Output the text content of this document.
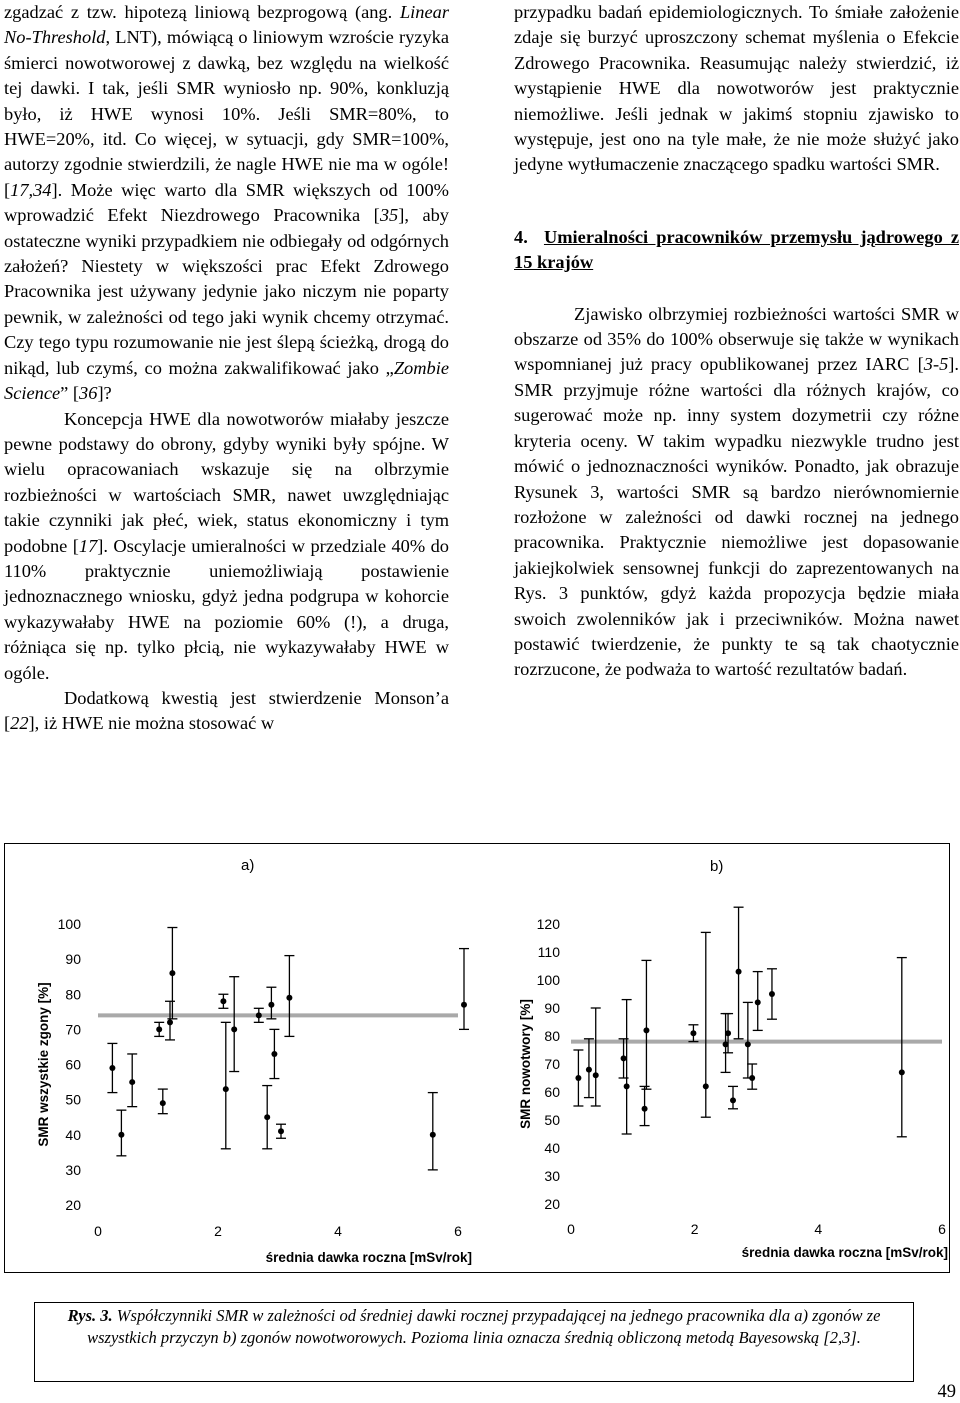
zgadzać z tzw. hipotezą liniową bezprogową (ang. Linear No-Threshold, LNT), mówiącą o liniowym wzroście ryzyka śmierci nowotworowej z dawką, bez względu na wielkość tej dawki. I tak, jeśli SMR wyniosło np. 90%, konkluzją było, iż HWE wynosi 10%. Jeśli SMR=80%, to HWE=20%, itd. Co więcej, w sytuacji, gdy SMR=100%, autorzy zgodnie stwierdzili, że nagle HWE nie ma w ogóle! [17,34]. Może więc warto dla SMR większych od 100% wprowadzić Efekt Niezdrowego Pracownika [35], aby ostateczne wyniki przypadkiem nie odbiegały od odgórnych założeń? Niestety w większości prac Efekt Zdrowego Pracownika jest używany jedynie jako niczym nie poparty pewnik, w zależności od tego jaki wynik chcemy otrzymać. Czy tego typu rozumowanie nie jest ślepą ścieżką, drogą do nikąd, lub czymś, co można zakwalifikować jako „Zombie Science” [36]?

Koncepcja HWE dla nowotworów miałaby jeszcze pewne podstawy do obrony, gdyby wyniki były spójne. W wielu opracowaniach wskazuje się na olbrzymie rozbieżności w wartościach SMR, nawet uwzględniając takie czynniki jak płeć, wiek, status ekonomiczny i tym podobne [17]. Oscylacje umieralności w przedziale 40% do 110% praktycznie uniemożliwiają postawienie jednoznacznego wniosku, gdyż jedna podgrupa w kohorcie wykazywałaby HWE na poziomie 60% (!), a druga, różniąca się np. tylko płcią, nie wykazywałaby HWE w ogóle.

Dodatkową kwestią jest stwierdzenie Monson’a [22], iż HWE nie można stosować w

przypadku badań epidemiologicznych. To śmiałe założenie zdaje się burzyć uproszczony schemat myślenia o Efekcie Zdrowego Pracownika. Reasumując należy stwierdzić, iż wystąpienie HWE dla nowotworów jest praktycznie niemożliwe. Jeśli jednak w jakimś stopniu zjawisko to występuje, jest ono na tyle małe, że nie może służyć jako jedyne wytłumaczenie znaczącego spadku wartości SMR.

4. Umieralności pracowników przemysłu jądrowego z 15 krajów

Zjawisko olbrzymiej rozbieżności wartości SMR w obszarze od 35% do 100% obserwuje się także w wynikach wspomnianej już pracy opublikowanej przez IARC [3-5]. SMR przyjmuje różne wartości dla różnych krajów, co sugerować może np. inny system dozymetrii czy różne kryteria oceny. W takim wypadku niezwykle trudno jest mówić o jednoznaczności wyników. Ponadto, jak obrazuje Rysunek 3, wartości SMR są bardzo nierównomiernie rozłożone w zależności od dawki rocznej na jednego pracownika. Praktycznie niemożliwe jest dopasowanie jakiejkolwiek sensownej funkcji do zaprezentowanych na Rys. 3 punktów, gdyż każda propozycja będzie miała swoich zwolenników jak i przeciwników. Można nawet postawić twierdzenie, że punkty te są tak chaotycznie rozrzucone, że podważa to wartość rezultatów badań.

a)	b)
20
30
40
50
60
70
80
90
100
0	2	4	6
SMR wszystkie zgony [%]
średnia dawka roczna [mSv/rok]
20
30
40
50
60
70
80
90
100
110
120
0	2	4	6
SMR nowotwory [%]
średnia dawka roczna [mSv/rok]
Rys. 3. Współczynniki SMR w zależności od średniej dawki rocznej przypadającej na jednego pracownika dla a) zgonów ze wszystkich przyczyn b) zgonów nowotworowych. Pozioma linia oznacza średnią obliczoną metodą Bayesowską [2,3].
49
